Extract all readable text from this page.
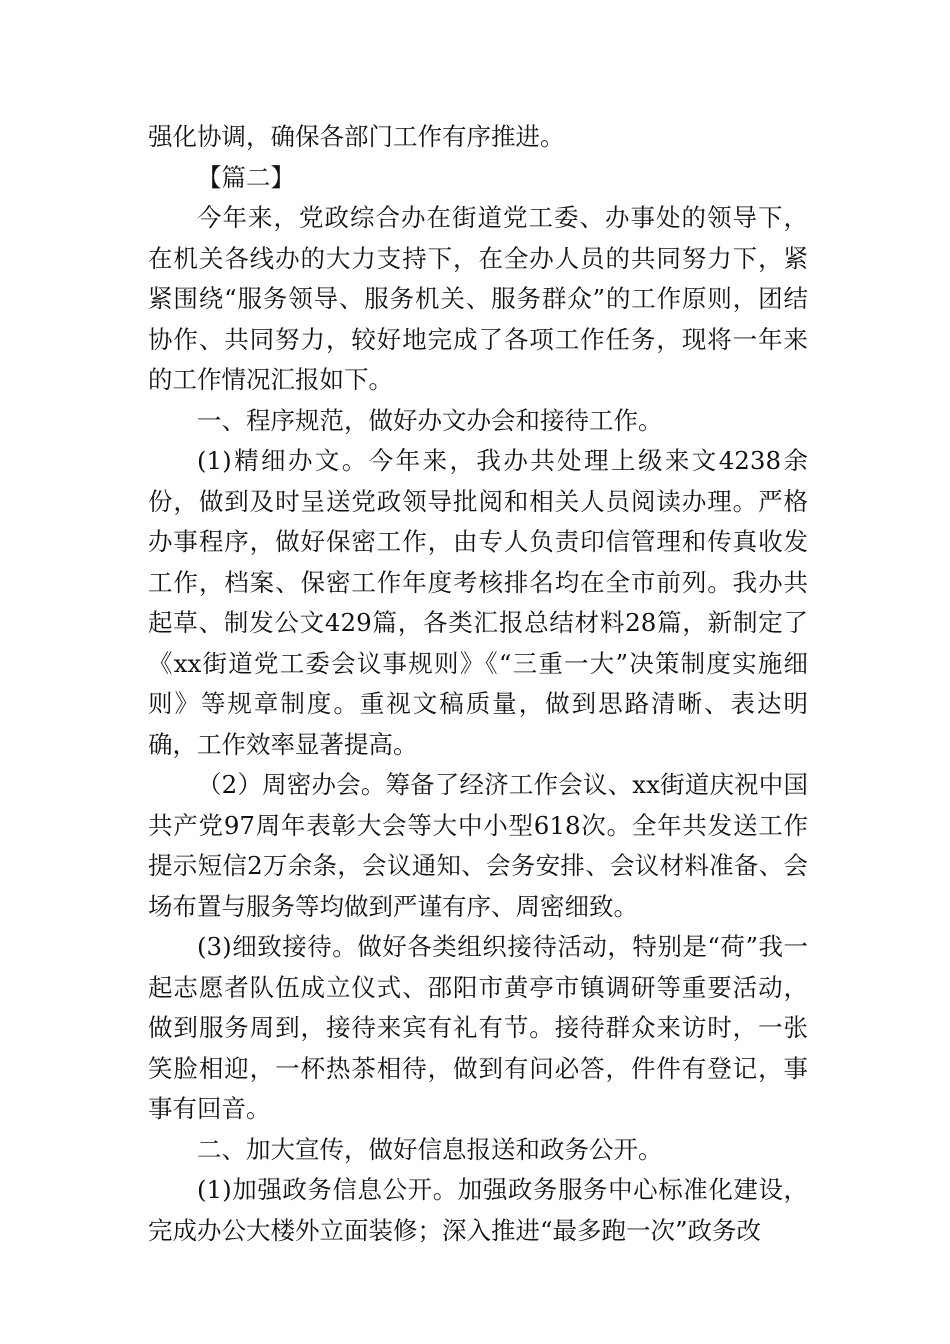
强化协调，确保各部门工作有序推进。

【篇二】

今年来，党政综合办在街道党工委、办事处的领导下，在机关各线办的大力支持下，在全办人员的共同努力下，紧紧围绕“服务领导、服务机关、服务群众”的工作原则，团结协作、共同努力，较好地完成了各项工作任务，现将一年来的工作情况汇报如下。

一、程序规范，做好办文办会和接待工作。

(1)精细办文。今年来，我办共处理上级来文4238余份，做到及时呈送党政领导批阅和相关人员阅读办理。严格办事程序，做好保密工作，由专人负责印信管理和传真收发工作，档案、保密工作年度考核排名均在全市前列。我办共起草、制发公文429篇，各类汇报总结材料28篇，新制定了《xx街道党工委会议事规则》《“三重一大”决策制度实施细则》等规章制度。重视文稿质量，做到思路清晰、表达明确，工作效率显著提高。

（2）周密办会。筹备了经济工作会议、xx街道庆祝中国共产党97周年表彰大会等大中小型618次。全年共发送工作提示短信2万余条，会议通知、会务安排、会议材料准备、会场布置与服务等均做到严谨有序、周密细致。

(3)细致接待。做好各类组织接待活动，特别是“荷”我一起志愿者队伍成立仪式、邵阳市黄亭市镇调研等重要活动，做到服务周到，接待来宾有礼有节。接待群众来访时，一张笑脸相迎，一杯热茶相待，做到有问必答，件件有登记，事事有回音。

二、加大宣传，做好信息报送和政务公开。

(1)加强政务信息公开。加强政务服务中心标准化建设，完成办公大楼外立面装修；深入推进“最多跑一次”政务改
